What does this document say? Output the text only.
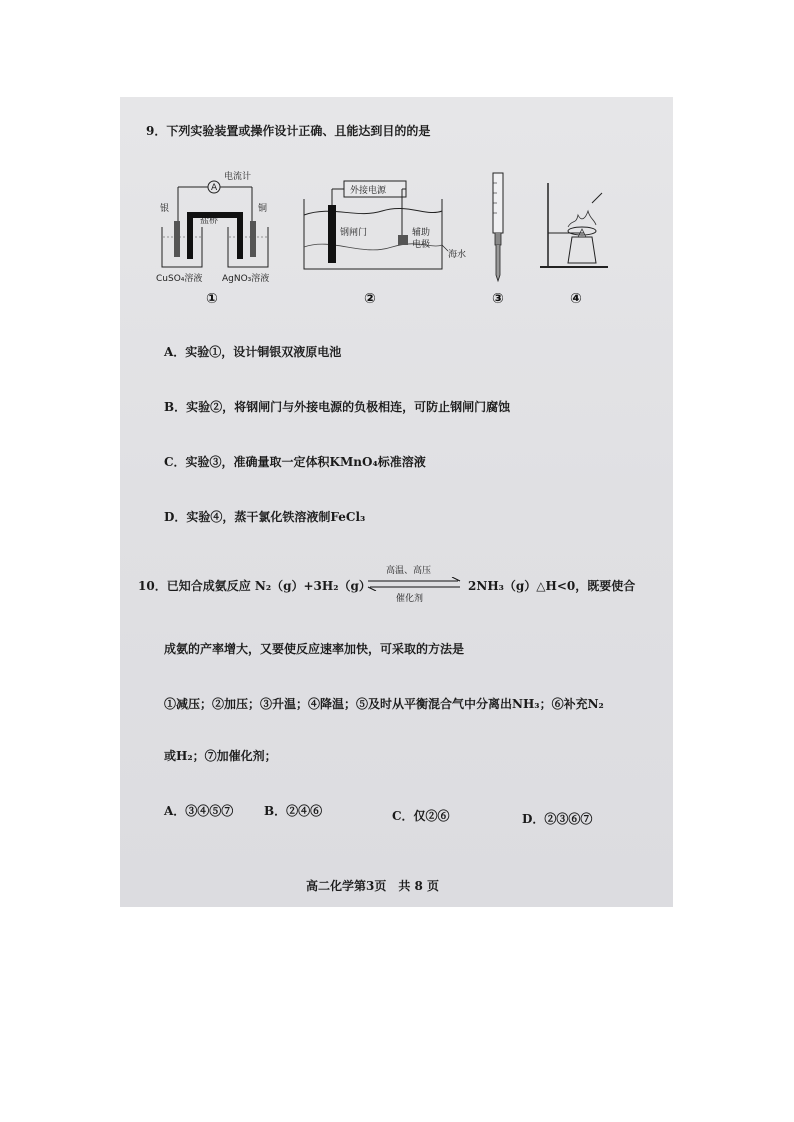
9．下列实验装置或操作设计正确、且能达到目的的是
A
电流计
银	铜
盐桥
CuSO₄溶液 AgNO₃溶液
①
外接电源
钢闸门	辅助
电极
海水
②	③	④
A．实验①，设计铜银双液原电池
B．实验②，将钢闸门与外接电源的负极相连，可防止钢闸门腐蚀
C．实验③，准确量取一定体积KMnO₄标准溶液
D．实验④，蒸干氯化铁溶液制FeCl₃
10．已知合成氨反应 N₂（g）+3H₂（g）
高温、高压
催化剂
2NH₃（g）△H<0，既要使合
成氨的产率增大，又要使反应速率加快，可采取的方法是
①减压；②加压；③升温；④降温；⑤及时从平衡混合气中分离出NH₃；⑥补充N₂
或H₂；⑦加催化剂；
A．③④⑤⑦	B．②④⑥	C．仅②⑥	D．②③⑥⑦
高二化学第3页　共 8 页
